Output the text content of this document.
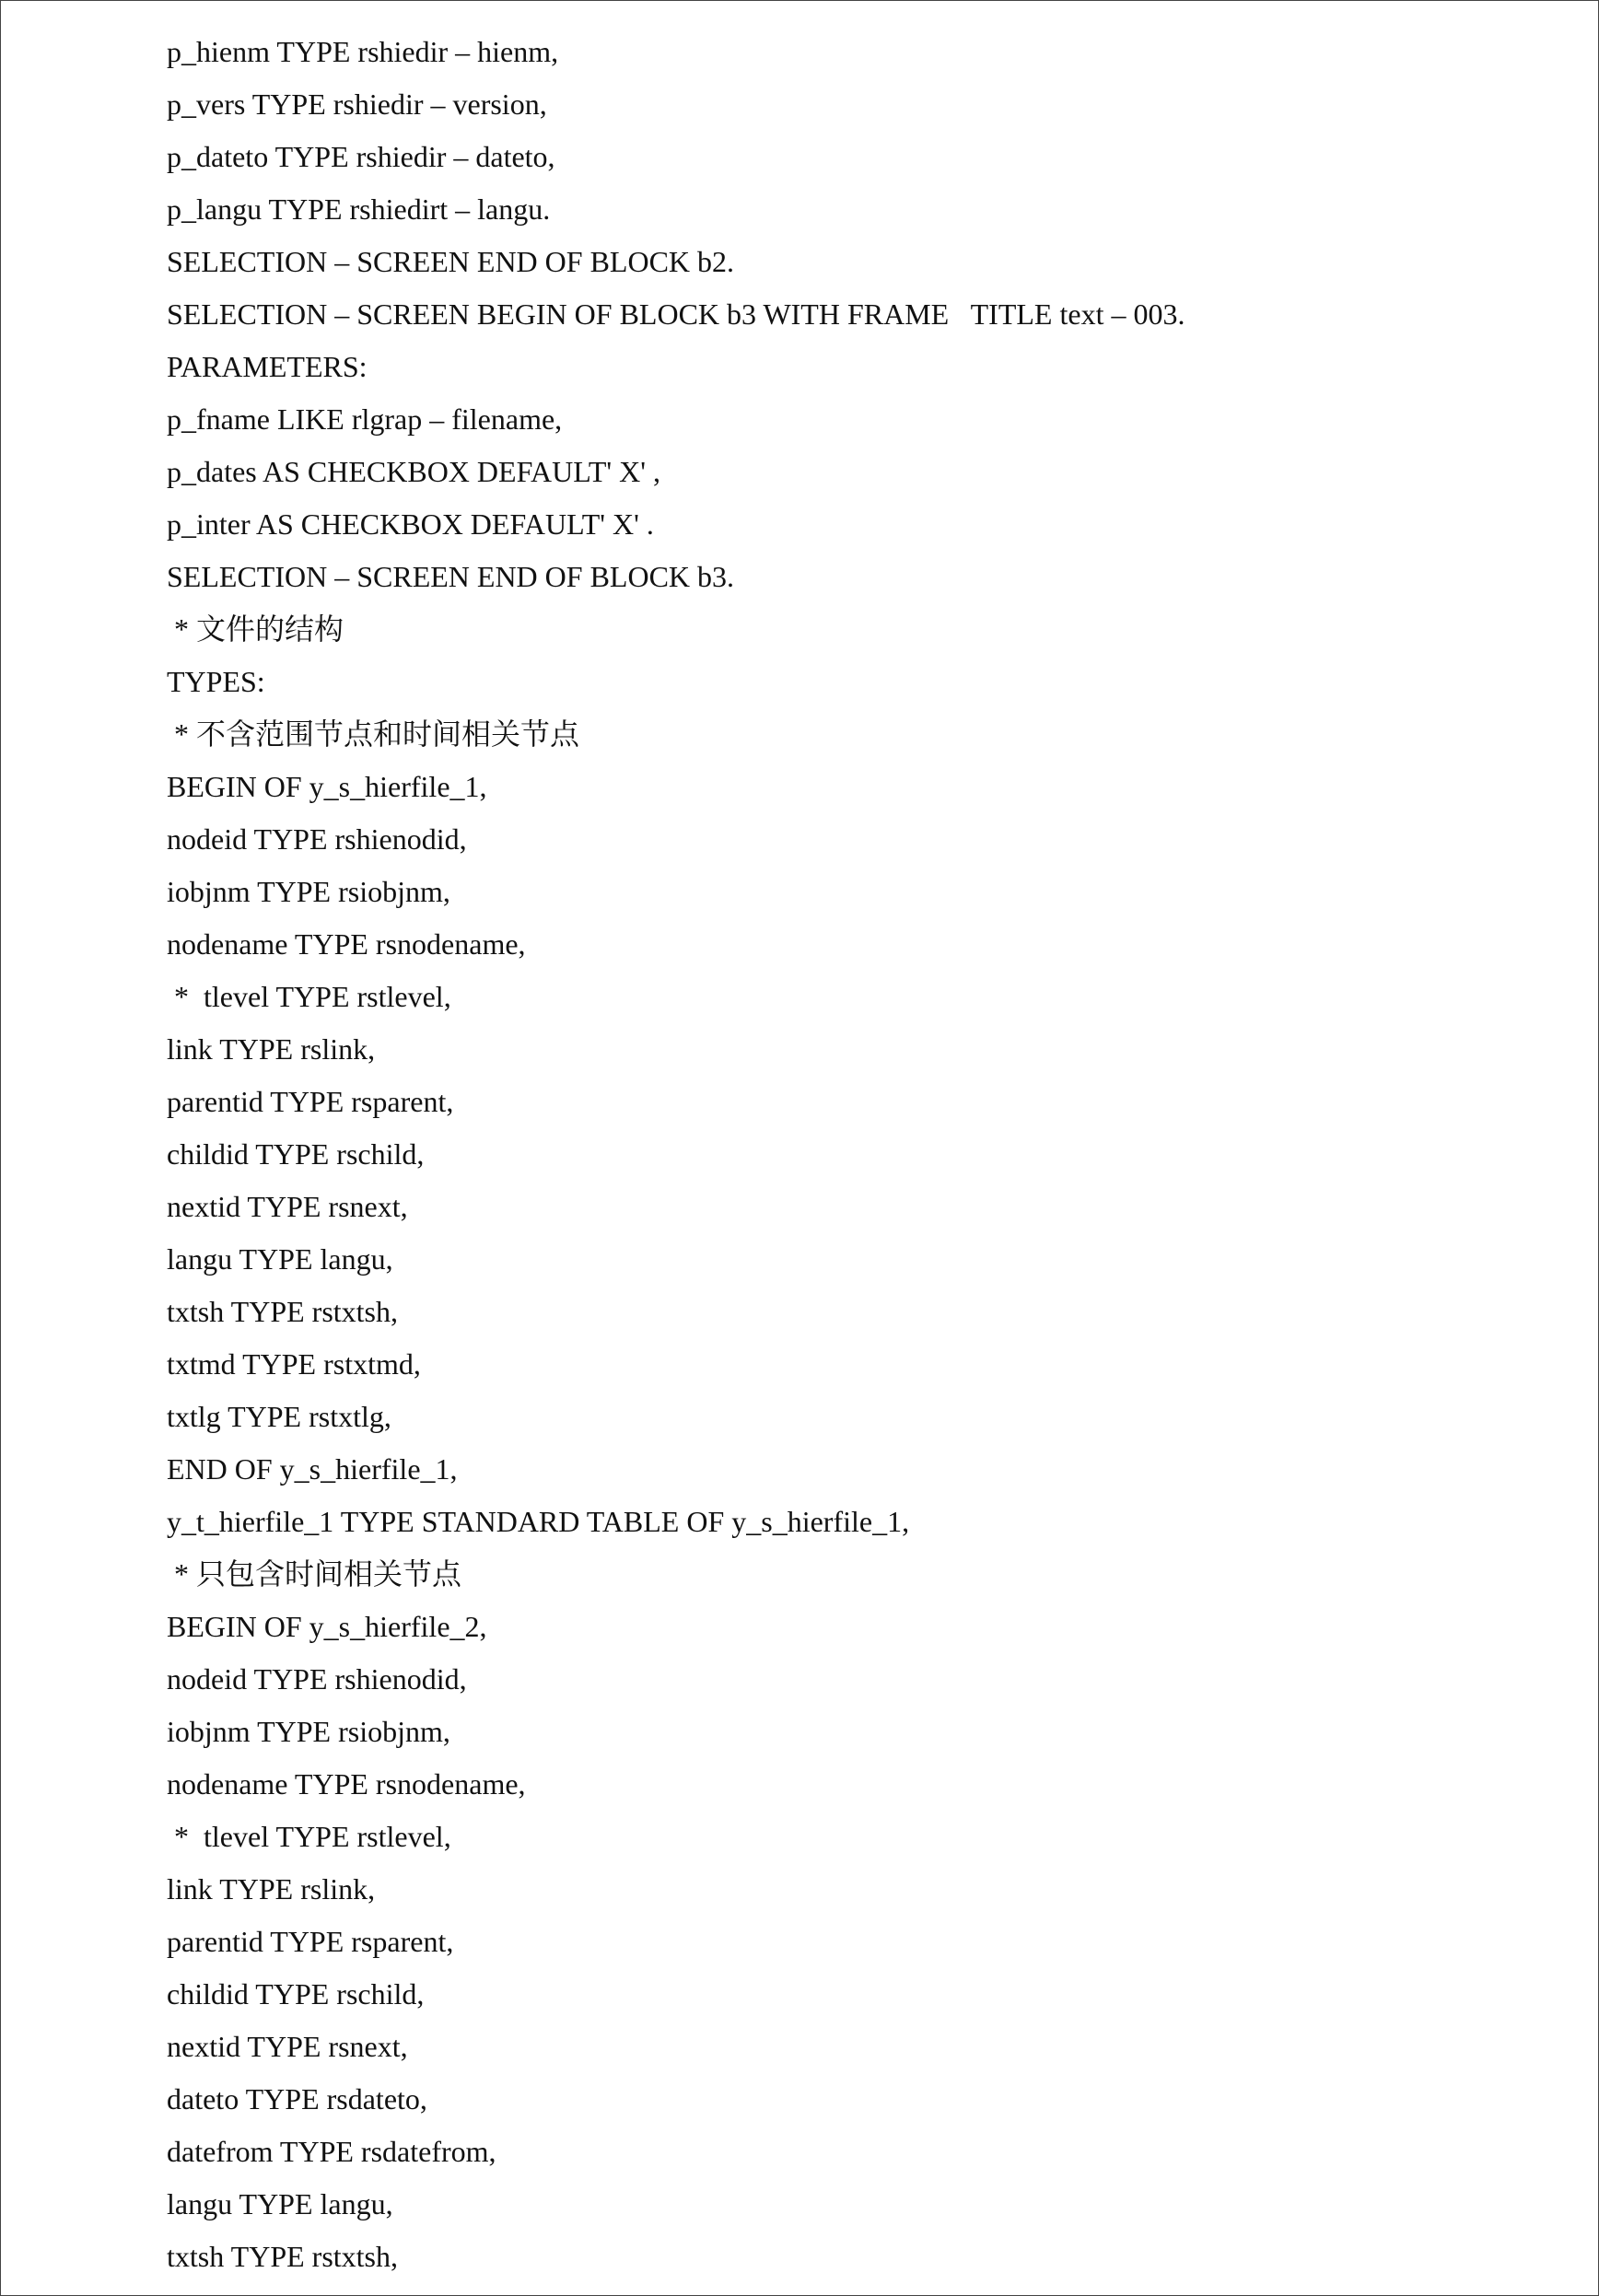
p_hienm TYPE rshiedir – hienm,
p_vers TYPE rshiedir – version,
p_dateto TYPE rshiedir – dateto,
p_langu TYPE rshiedirt – langu.
SELECTION – SCREEN END OF BLOCK b2.
SELECTION – SCREEN BEGIN OF BLOCK b3 WITH FRAME   TITLE text – 003.
PARAMETERS:
p_fname LIKE rlgrap – filename,
p_dates AS CHECKBOX DEFAULT' X' ,
p_inter AS CHECKBOX DEFAULT' X' .
SELECTION – SCREEN END OF BLOCK b3.
* 文件的结构
TYPES:
* 不含范围节点和时间相关节点
BEGIN OF y_s_hierfile_1,
nodeid TYPE rshienodid,
iobjnm TYPE rsiobjnm,
nodename TYPE rsnodename,
*  tlevel TYPE rstlevel,
link TYPE rslink,
parentid TYPE rsparent,
childid TYPE rschild,
nextid TYPE rsnext,
langu TYPE langu,
txtsh TYPE rstxtsh,
txtmd TYPE rstxtmd,
txtlg TYPE rstxtlg,
END OF y_s_hierfile_1,
y_t_hierfile_1 TYPE STANDARD TABLE OF y_s_hierfile_1,
* 只包含时间相关节点
BEGIN OF y_s_hierfile_2,
nodeid TYPE rshienodid,
iobjnm TYPE rsiobjnm,
nodename TYPE rsnodename,
*  tlevel TYPE rstlevel,
link TYPE rslink,
parentid TYPE rsparent,
childid TYPE rschild,
nextid TYPE rsnext,
dateto TYPE rsdateto,
datefrom TYPE rsdatefrom,
langu TYPE langu,
txtsh TYPE rstxtsh,
